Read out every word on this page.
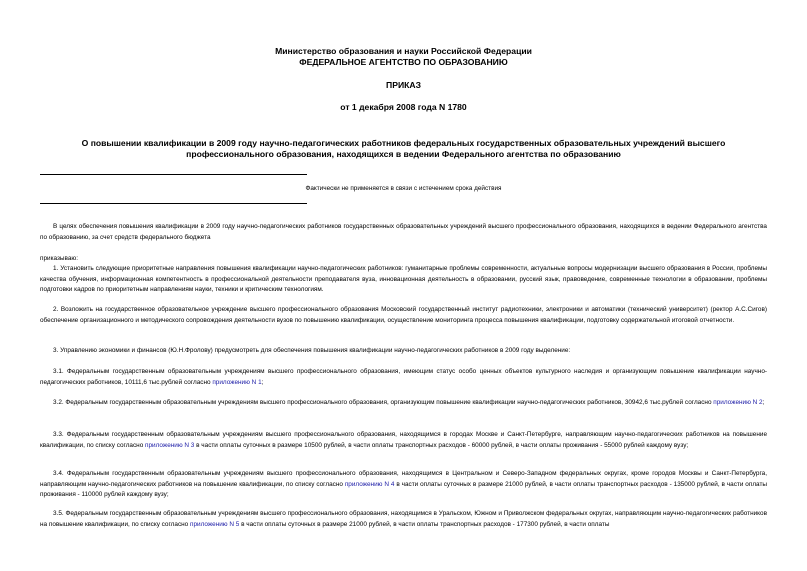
Министерство образования и науки Российской Федерации
ФЕДЕРАЛЬНОЕ АГЕНТСТВО ПО ОБРАЗОВАНИЮ
ПРИКАЗ
от 1 декабря 2008 года N 1780
О повышении квалификации в 2009 году научно-педагогических работников федеральных государственных образовательных учреждений высшего
профессионального образования, находящихся в ведении Федерального агентства по образованию
Фактически не применяется в связи с истечением срока действия
В целях обеспечения повышения квалификации в 2009 году научно-педагогических работников государственных образовательных учреждений высшего профессионального образования, находящихся в ведении Федерального агентства по образованию, за счет средств федерального бюджета
приказываю:
1. Установить следующие приоритетные направления повышения квалификации научно-педагогических работников: гуманитарные проблемы современности, актуальные вопросы модернизации высшего образования в России, проблемы качества обучения, информационная компетентность в профессиональной деятельности преподавателя вуза, инновационная деятельность в образовании, русский язык, правоведение, современные технологии в образовании, проблемы подготовки кадров по приоритетным направлениям науки, техники и критическим технологиям.
2. Возложить на государственное образовательное учреждение высшего профессионального образования Московский государственный институт радиотехники, электроники и автоматики (технический университет) (ректор А.С.Сигов) обеспечение организационного и методического сопровождения деятельности вузов по повышению квалификации, осуществление мониторинга процесса повышения квалификации, подготовку содержательной итоговой отчетности.
3. Управлению экономики и финансов (Ю.Н.Фролову) предусмотреть для обеспечения повышения квалификации научно-педагогических работников в 2009 году выделение:
3.1. Федеральным государственным образовательным учреждениям высшего профессионального образования, имеющим статус особо ценных объектов культурного наследия и организующим повышение квалификации научно-педагогических работников, 10111,6 тыс.рублей согласно приложению N 1;
3.2. Федеральным государственным образовательным учреждениям высшего профессионального образования, организующим повышение квалификации научно-педагогических работников, 30942,6 тыс.рублей согласно приложению N 2;
3.3. Федеральным государственным образовательным учреждениям высшего профессионального образования, находящимся в городах Москве и Санкт-Петербурге, направляющим научно-педагогических работников на повышение квалификации, по списку согласно приложению N 3 в части оплаты суточных в размере 10500 рублей, в части оплаты транспортных расходов - 60000 рублей, в части оплаты проживания - 55000 рублей каждому вузу;
3.4. Федеральным государственным образовательным учреждениям высшего профессионального образования, находящимся в Центральном и Северо-Западном федеральных округах, кроме городов Москвы и Санкт-Петербурга, направляющим научно-педагогических работников на повышение квалификации, по списку согласно приложению N 4 в части оплаты суточных в размере 21000 рублей, в части оплаты транспортных расходов - 135000 рублей, в части оплаты проживания - 110000 рублей каждому вузу;
3.5. Федеральным государственным образовательным учреждениям высшего профессионального образования, находящимся в Уральском, Южном и Приволжском федеральных округах, направляющим научно-педагогических работников на повышение квалификации, по списку согласно приложению N 5 в части оплаты суточных в размере 21000 рублей, в части оплаты транспортных расходов - 177300 рублей, в части оплаты
